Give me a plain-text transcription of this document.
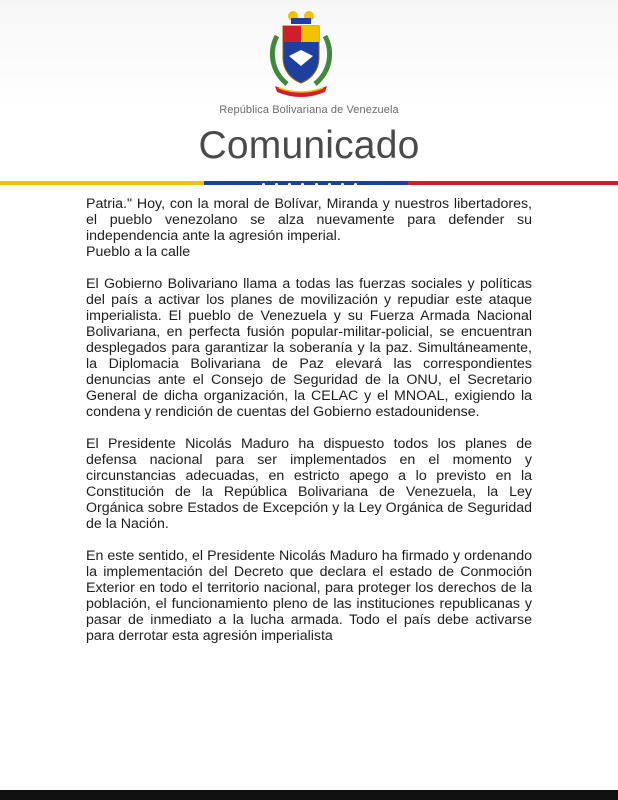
República Bolivariana de Venezuela
Comunicado

Patria." Hoy, con la moral de Bolívar, Miranda y nuestros libertadores, el pueblo venezolano se alza nuevamente para defender su independencia ante la agresión imperial.

Pueblo a la calle

El Gobierno Bolivariano llama a todas las fuerzas sociales y políticas del país a activar los planes de movilización y repudiar este ataque imperialista. El pueblo de Venezuela y su Fuerza Armada Nacional Bolivariana, en perfecta fusión popular-militar-policial, se encuentran desplegados para garantizar la soberanía y la paz. Simultáneamente, la Diplomacia Bolivariana de Paz elevará las correspondientes denuncias ante el Consejo de Seguridad de la ONU, el Secretario General de dicha organización, la CELAC y el MNOAL, exigiendo la condena y rendición de cuentas del Gobierno estadounidense.

El Presidente Nicolás Maduro ha dispuesto todos los planes de defensa nacional para ser implementados en el momento y circunstancias adecuadas, en estricto apego a lo previsto en la Constitución de la República Bolivariana de Venezuela, la Ley Orgánica sobre Estados de Excepción y la Ley Orgánica de Seguridad de la Nación.

En este sentido, el Presidente Nicolás Maduro ha firmado y ordenando la implementación del Decreto que declara el estado de Conmoción Exterior en todo el territorio nacional, para proteger los derechos de la población, el funcionamiento pleno de las instituciones republicanas y pasar de inmediato a la lucha armada. Todo el país debe activarse para derrotar esta agresión imperialista
